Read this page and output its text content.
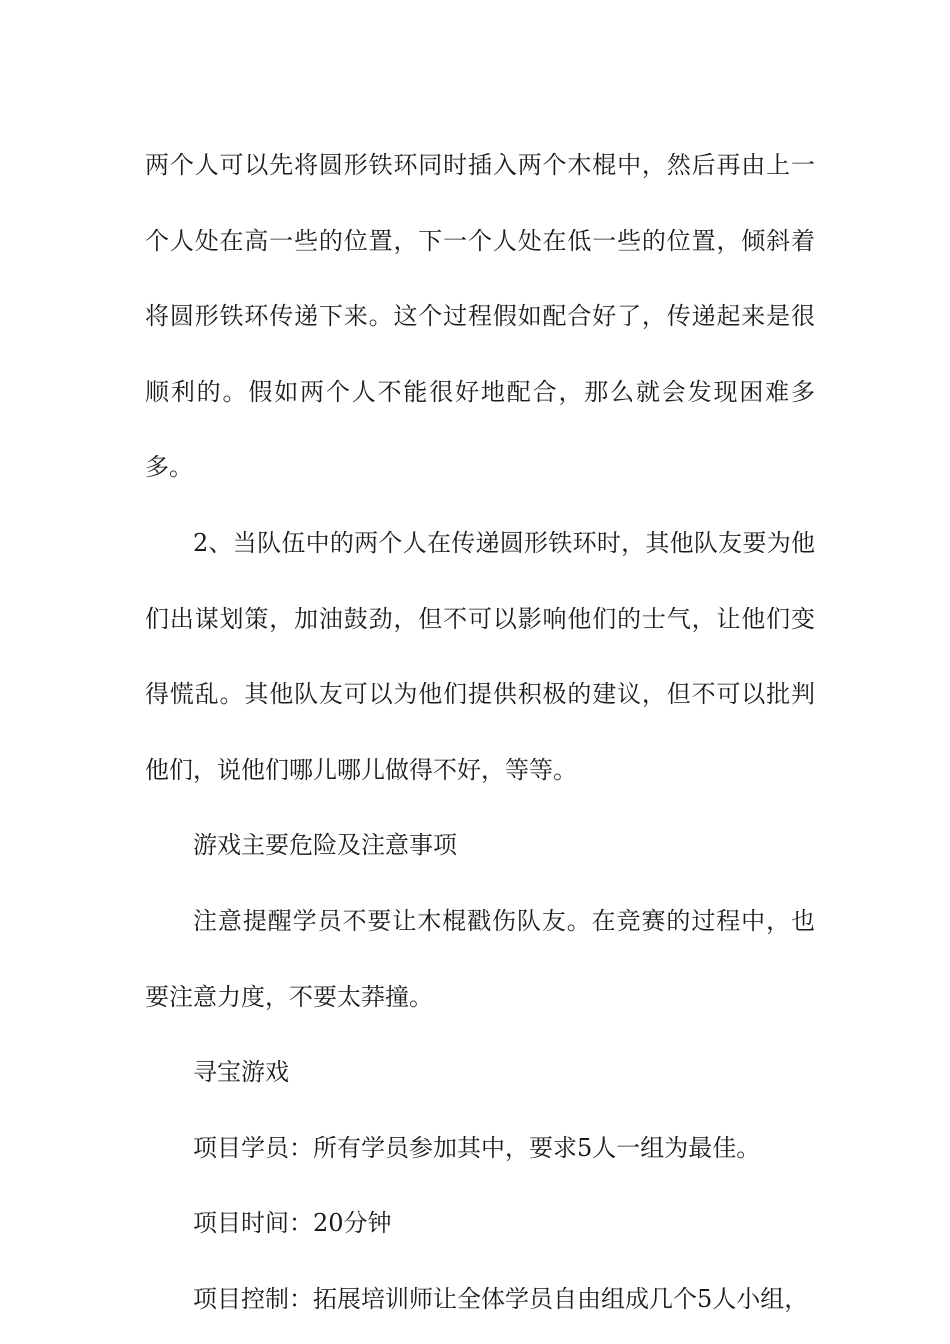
两个人可以先将圆形铁环同时插入两个木棍中，然后再由上一个人处在高一些的位置，下一个人处在低一些的位置，倾斜着将圆形铁环传递下来。这个过程假如配合好了，传递起来是很顺利的。假如两个人不能很好地配合，那么就会发现困难多多。

2、当队伍中的两个人在传递圆形铁环时，其他队友要为他们出谋划策，加油鼓劲，但不可以影响他们的士气，让他们变得慌乱。其他队友可以为他们提供积极的建议，但不可以批判他们，说他们哪儿哪儿做得不好，等等。

游戏主要危险及注意事项

注意提醒学员不要让木棍戳伤队友。在竞赛的过程中，也要注意力度，不要太莽撞。

寻宝游戏

项目学员：所有学员参加其中，要求5人一组为最佳。

项目时间：20分钟

项目控制：拓展培训师让全体学员自由组成几个5人小组，
